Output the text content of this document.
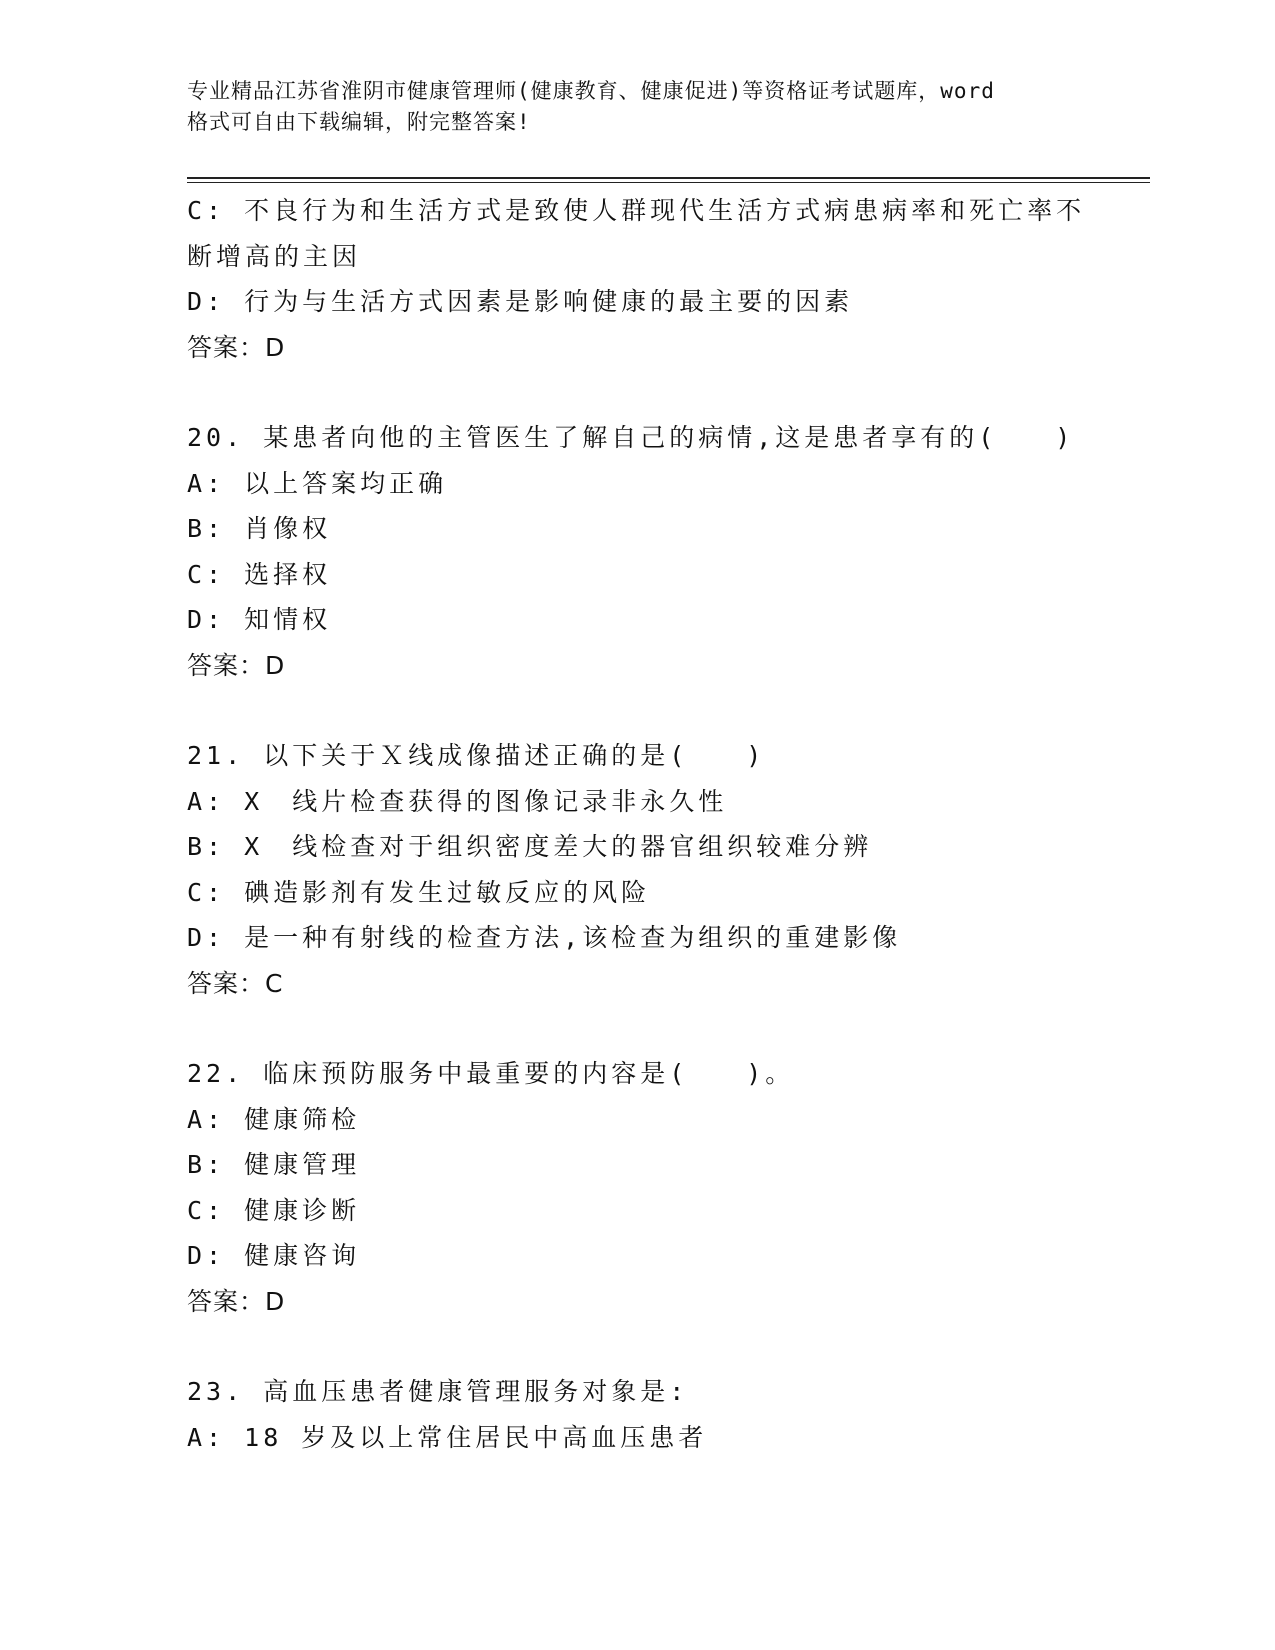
专业精品江苏省淮阴市健康管理师(健康教育、健康促进)等资格证考试题库，word
格式可自由下载编辑，附完整答案!
C: 不良行为和生活方式是致使人群现代生活方式病患病率和死亡率不
断增高的主因
D: 行为与生活方式因素是影响健康的最主要的因素
答案：D
20. 某患者向他的主管医生了解自己的病情,这是患者享有的(　　)
A: 以上答案均正确
B: 肖像权
C: 选择权
D: 知情权
答案：D
21. 以下关于Ｘ线成像描述正确的是(　　)
A: X　线片检查获得的图像记录非永久性
B: X　线检查对于组织密度差大的器官组织较难分辨
C: 碘造影剂有发生过敏反应的风险
D: 是一种有射线的检查方法,该检查为组织的重建影像
答案：C
22. 临床预防服务中最重要的内容是(　　)。
A: 健康筛检
B: 健康管理
C: 健康诊断
D: 健康咨询
答案：D
23. 高血压患者健康管理服务对象是:
A: 18 岁及以上常住居民中高血压患者
